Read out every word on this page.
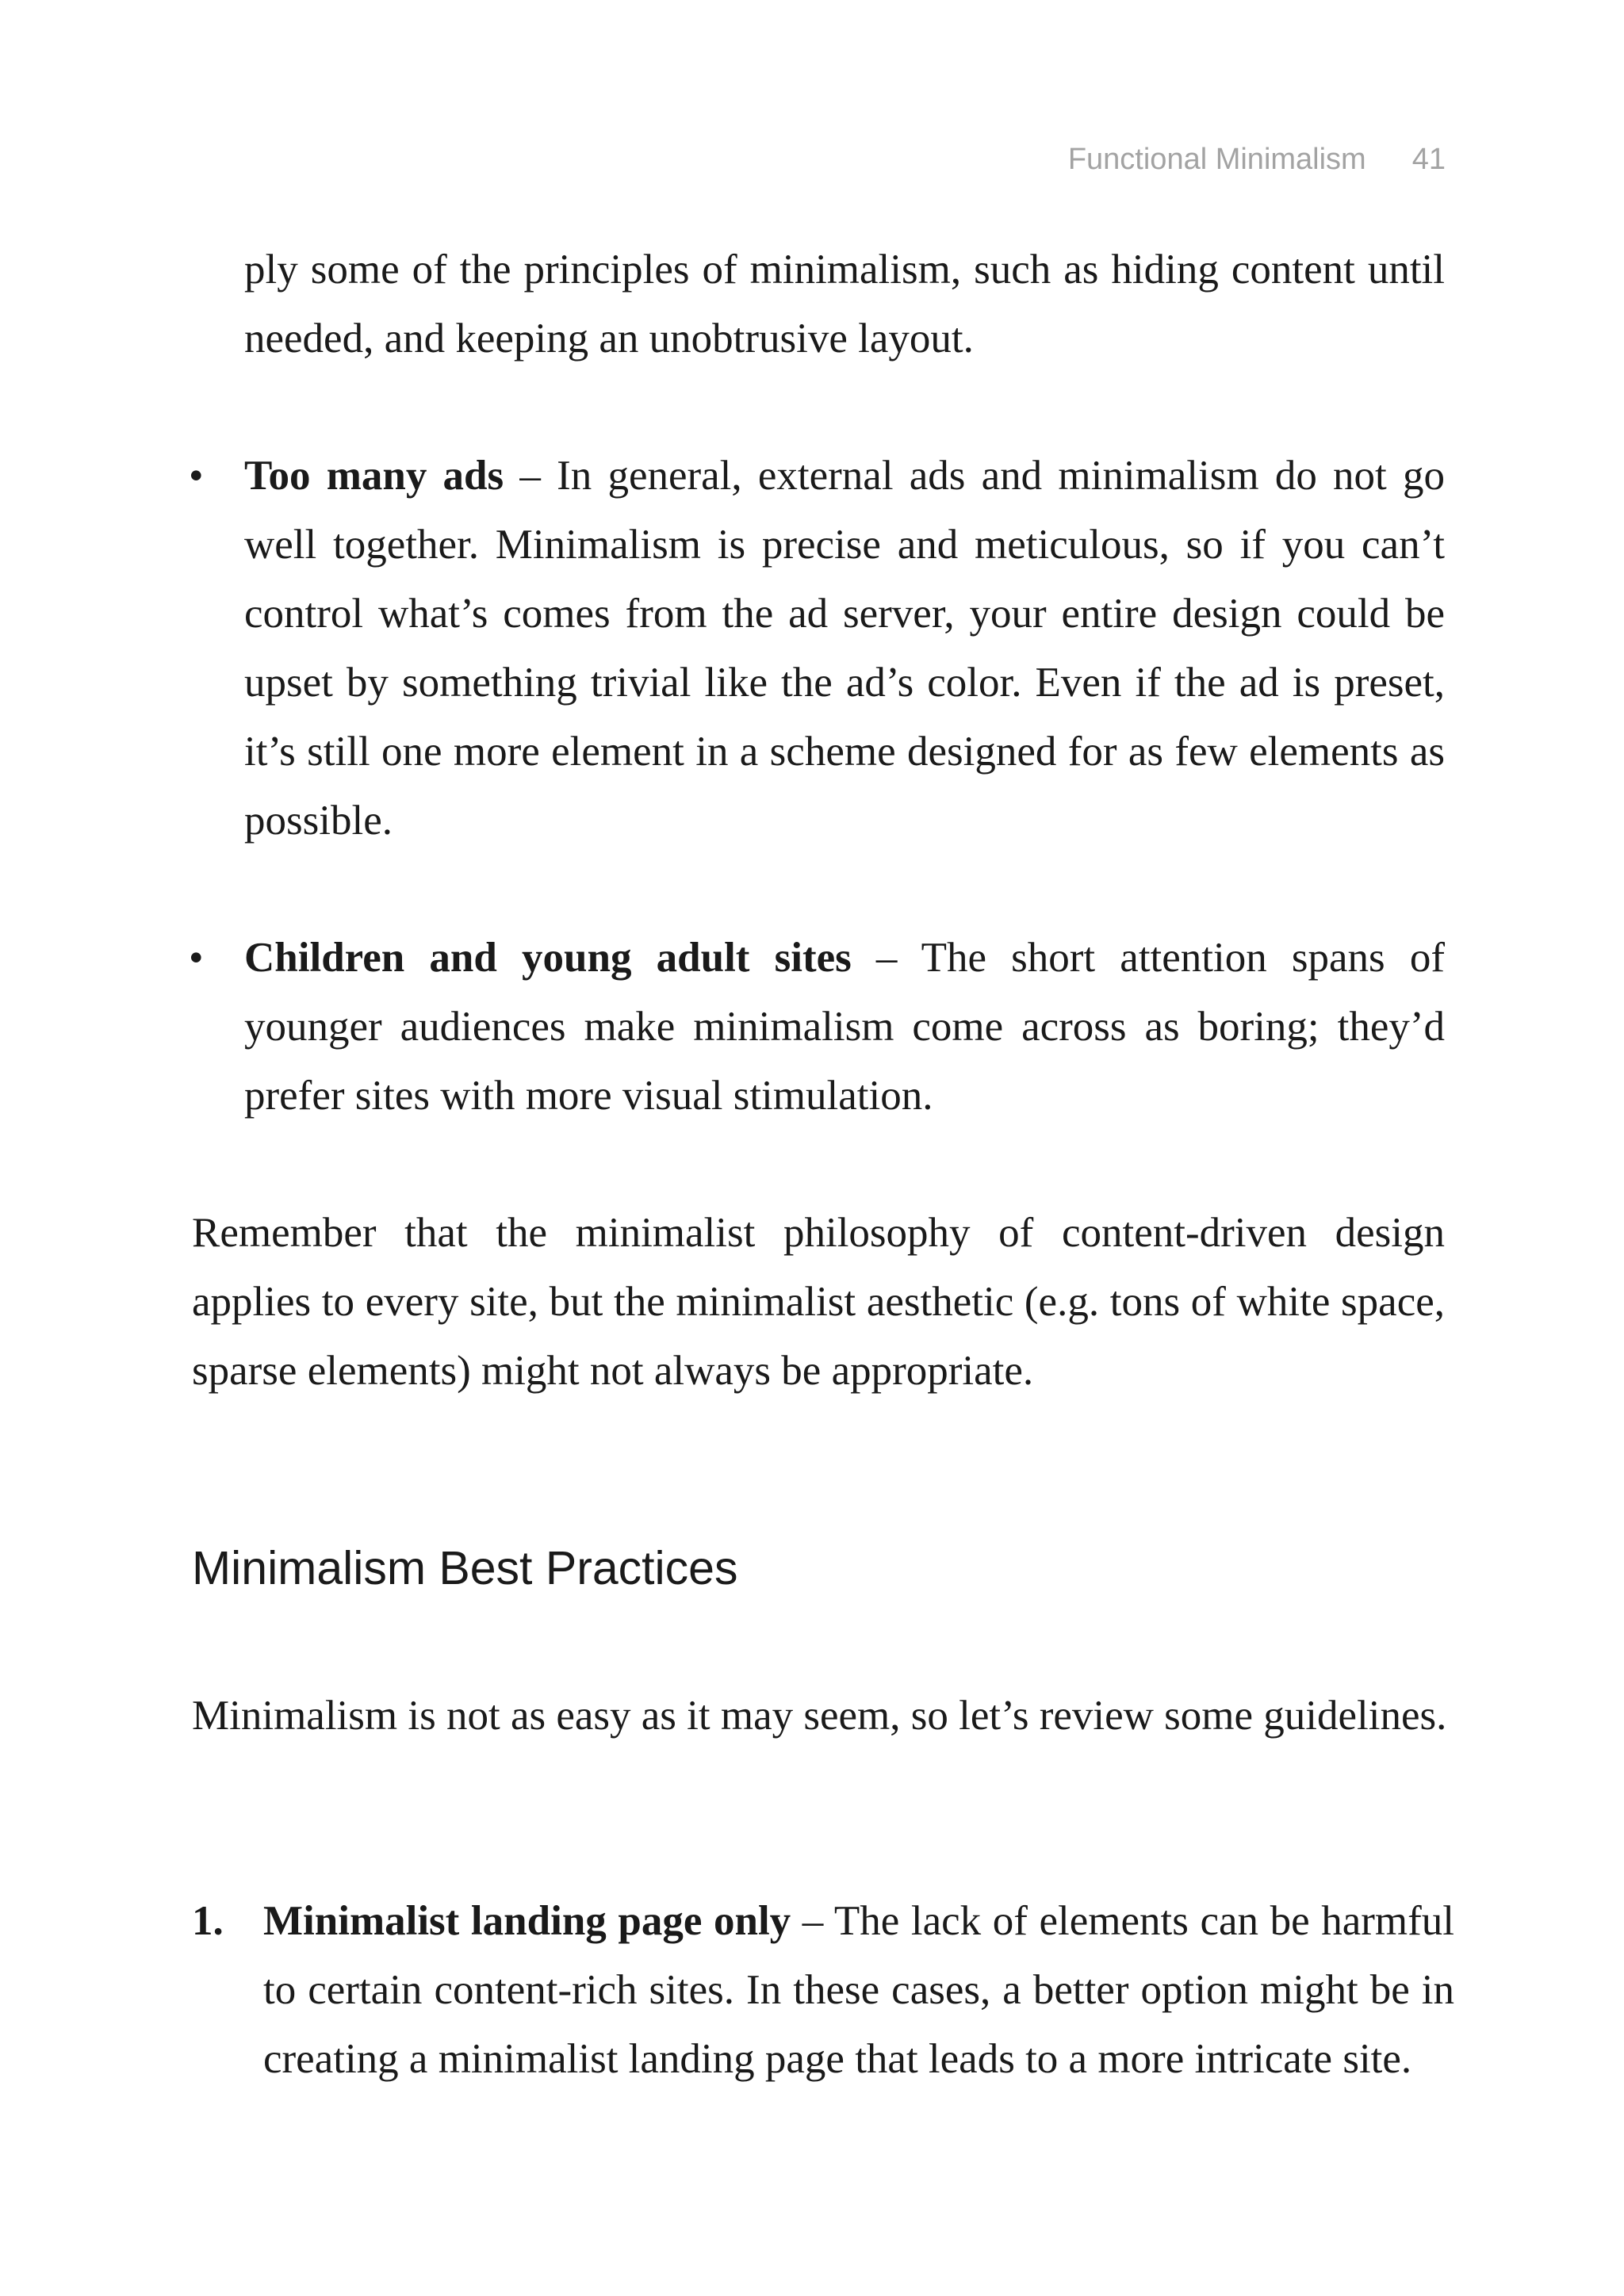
Functional Minimalism 41

ply some of the principles of minimalism, such as hiding content until needed, and keeping an unobtrusive layout.

• Too many ads – In general, external ads and minimalism do not go well together. Minimalism is precise and meticulous, so if you can’t control what’s comes from the ad server, your entire design could be upset by something trivial like the ad’s color. Even if the ad is preset, it’s still one more element in a scheme designed for as few elements as possible.

• Children and young adult sites – The short attention spans of younger audiences make minimalism come across as boring; they’d prefer sites with more visual stimulation.

Remember that the minimalist philosophy of content-driven design applies to every site, but the minimalist aesthetic (e.g. tons of white space, sparse elements) might not always be appropriate.

Minimalism Best Practices

Minimalism is not as easy as it may seem, so let’s review some guidelines.

1. Minimalist landing page only – The lack of elements can be harmful to certain content-rich sites. In these cases, a better option might be in creating a minimalist landing page that leads to a more intricate site.
